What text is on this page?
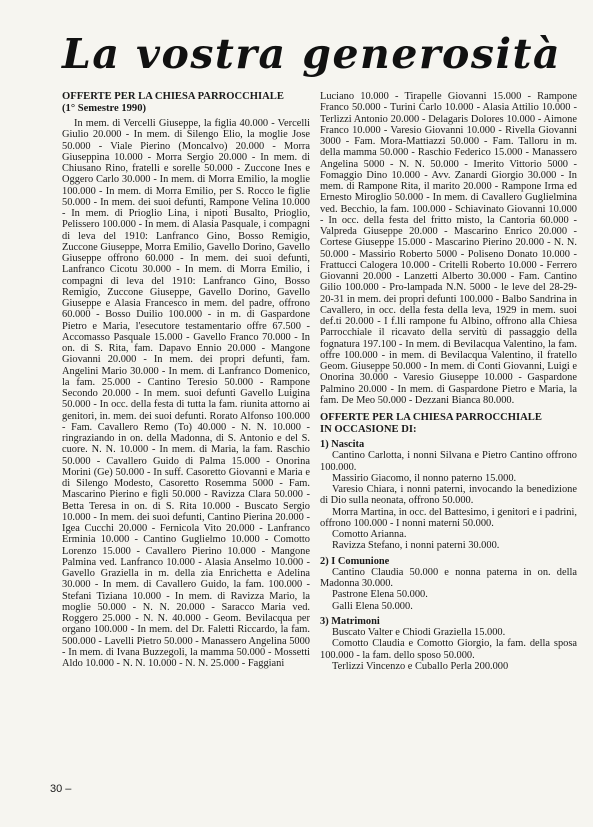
La vostra generosità

OFFERTE PER LA CHIESA PARROCCHIALE

(1° Semestre 1990)

In mem. di Vercelli Giuseppe, la figlia 40.000 - Vercelli Giulio 20.000 - In mem. di Silengo Elio, la moglie Jose 50.000 - Viale Pierino (Moncalvo) 20.000 - Morra Giuseppina 10.000 - Morra Sergio 20.000 - In mem. di Chiusano Rino, fratelli e sorelle 50.000 - Zuccone Ines e Oggero Carlo 30.000 - In mem. di Morra Emilio, la moglie 100.000 - In mem. di Morra Emilio, per S. Rocco le figlie 50.000 - In mem. dei suoi defunti, Rampone Velina 10.000 - In mem. di Prioglio Lina, i nipoti Busalto, Prioglio, Pelissero 100.000 - In mem. di Alasia Pasquale, i compagni di leva del 1910: Lanfranco Gino, Bosso Remigio, Zuccone Giuseppe, Morra Emilio, Gavello Dorino, Gavello Giuseppe offrono 60.000 - In mem. dei suoi defunti, Lanfranco Cicotu 30.000 - In mem. di Morra Emilio, i compagni di leva del 1910: Lanfranco Gino, Bosso Remigio, Zuccone Giuseppe, Gavello Dorino, Gavello Giuseppe e Alasia Francesco in mem. del padre, offrono 60.000 - Bosso Duilio 100.000 - in m. di Gaspardone Pietro e Maria, l'esecutore testamentario offre 67.500 - Accomasso Pasquale 15.000 - Gavello Franco 70.000 - In on. di S. Rita, fam. Dapavo Ennio 20.000 - Mangone Giovanni 20.000 - In mem. dei propri defunti, fam. Angelini Mario 30.000 - In mem. di Lanfranco Domenico, la fam. 25.000 - Cantino Teresio 50.000 - Rampone Secondo 20.000 - In mem. suoi defunti Gavello Luigina 50.000 - In occ. della festa di tutta la fam. riunita attorno ai genitori, in. mem. dei suoi defunti. Rorato Alfonso 100.000 - Fam. Cavallero Remo (To) 40.000 - N. N. 10.000 - ringraziando in on. della Madonna, di S. Antonio e del S. cuore. N. N. 10.000 - In mem. di Maria, la fam. Raschio 50.000 - Cavallero Guido di Palma 15.000 - Onorina Morini (Ge) 50.000 - In suff. Casoretto Giovanni e Maria e di Silengo Modesto, Casoretto Rosemma 5000 - Fam. Mascarino Pierino e figli 50.000 - Ravizza Clara 50.000 - Betta Teresa in on. di S. Rita 10.000 - Buscato Sergio 10.000 - In mem. dei suoi defunti, Cantino Pierina 20.000 - Igea Cucchi 20.000 - Fernicola Vito 20.000 - Lanfranco Erminia 10.000 - Cantino Guglielmo 10.000 - Comotto Lorenzo 15.000 - Cavallero Pierino 10.000 - Mangone Palmina ved. Lanfranco 10.000 - Alasia Anselmo 10.000 - Gavello Graziella in m. della zia Enrichetta e Adelina 30.000 - In mem. di Cavallero Guido, la fam. 100.000 - Stefani Tiziana 10.000 - In mem. di Ravizza Mario, la moglie 50.000 - N. N. 20.000 - Saracco Maria ved. Roggero 25.000 - N. N. 40.000 - Geom. Bevilacqua per organo 100.000 - In mem. del Dr. Faletti Riccardo, la fam. 500.000 - Lavelli Pietro 50.000 - Manassero Angelina 5000 - In mem. di Ivana Buzzegoli, la mamma 50.000 - Mossetti Aldo 10.000 - N. N. 10.000 - N. N. 25.000 - Faggiani

Luciano 10.000 - Tirapelle Giovanni 15.000 - Rampone Franco 50.000 - Turini Carlo 10.000 - Alasia Attilio 10.000 - Terlizzi Antonio 20.000 - Delagaris Dolores 10.000 - Aimone Franco 10.000 - Varesio Giovanni 10.000 - Rivella Giovanni 3000 - Fam. Mora-Mattiazzi 50.000 - Fam. Talloru in m. della mamma 50.000 - Raschio Federico 15.000 - Manassero Angelina 5000 - N. N. 50.000 - Imerito Vittorio 5000 - Fomaggio Dino 10.000 - Avv. Zanardi Giorgio 30.000 - In mem. di Rampone Rita, il marito 20.000 - Rampone Irma ed Ernesto Miroglio 50.000 - In mem. di Cavallero Guglielmina ved. Becchio, la fam. 100.000 - Schiavinato Giovanni 10.000 - In occ. della festa del fritto misto, la Cantoria 60.000 - Valpreda Giuseppe 20.000 - Mascarino Enrico 20.000 - Cortese Giuseppe 15.000 - Mascarino Pierino 20.000 - N. N. 50.000 - Massirio Roberto 5000 - Poliseno Donato 10.000 - Frattucci Calogera 10.000 - Critelli Roberto 10.000 - Ferrero Giovanni 20.000 - Lanzetti Alberto 30.000 - Fam. Cantino Gilio 100.000 - Pro-lampada N.N. 5000 - le leve del 28-29-20-31 in mem. dei propri defunti 100.000 - Balbo Sandrina in Cavallero, in occ. della festa della leva, 1929 in mem. suoi def.ti 20.000 - I f.lli rampone fu Albino, offrono alla Chiesa Parrocchiale il ricavato della servitù di passaggio della fognatura 197.100 - In mem. di Bevilacqua Valentino, la fam. offre 100.000 - in mem. di Bevilacqua Valentino, il fratello Geom. Giuseppe 50.000 - In mem. di Conti Giovanni, Luigi e Onorina 30.000 - Varesio Giuseppe 10.000 - Gaspardone Palmino 20.000 - In mem. di Gaspardone Pietro e Maria, la fam. De Meo 50.000 - Dezzani Bianca 80.000.

OFFERTE PER LA CHIESA PARROCCHIALE

IN OCCASIONE DI:

1) Nascita

Cantino Carlotta, i nonni Silvana e Pietro Cantino offrono 100.000.

Massirio Giacomo, il nonno paterno 15.000.

Varesio Chiara, i nonni paterni, invocando la benedizione di Dio sulla neonata, offrono 50.000.

Morra Martina, in occ. del Battesimo, i genitori e i padrini, offrono 100.000 - I nonni materni 50.000.

Comotto Arianna.

Ravizza Stefano, i nonni paterni 30.000.

2) I Comunione

Cantino Claudia 50.000 e nonna paterna in on. della Madonna 30.000.

Pastrone Elena 50.000.

Galli Elena 50.000.

3) Matrimoni

Buscato Valter e Chiodi Graziella 15.000.

Comotto Claudia e Comotto Giorgio, la fam. della sposa 100.000 - la fam. dello sposo 50.000.

Terlizzi Vincenzo e Cuballo Perla 200.000

30 –
